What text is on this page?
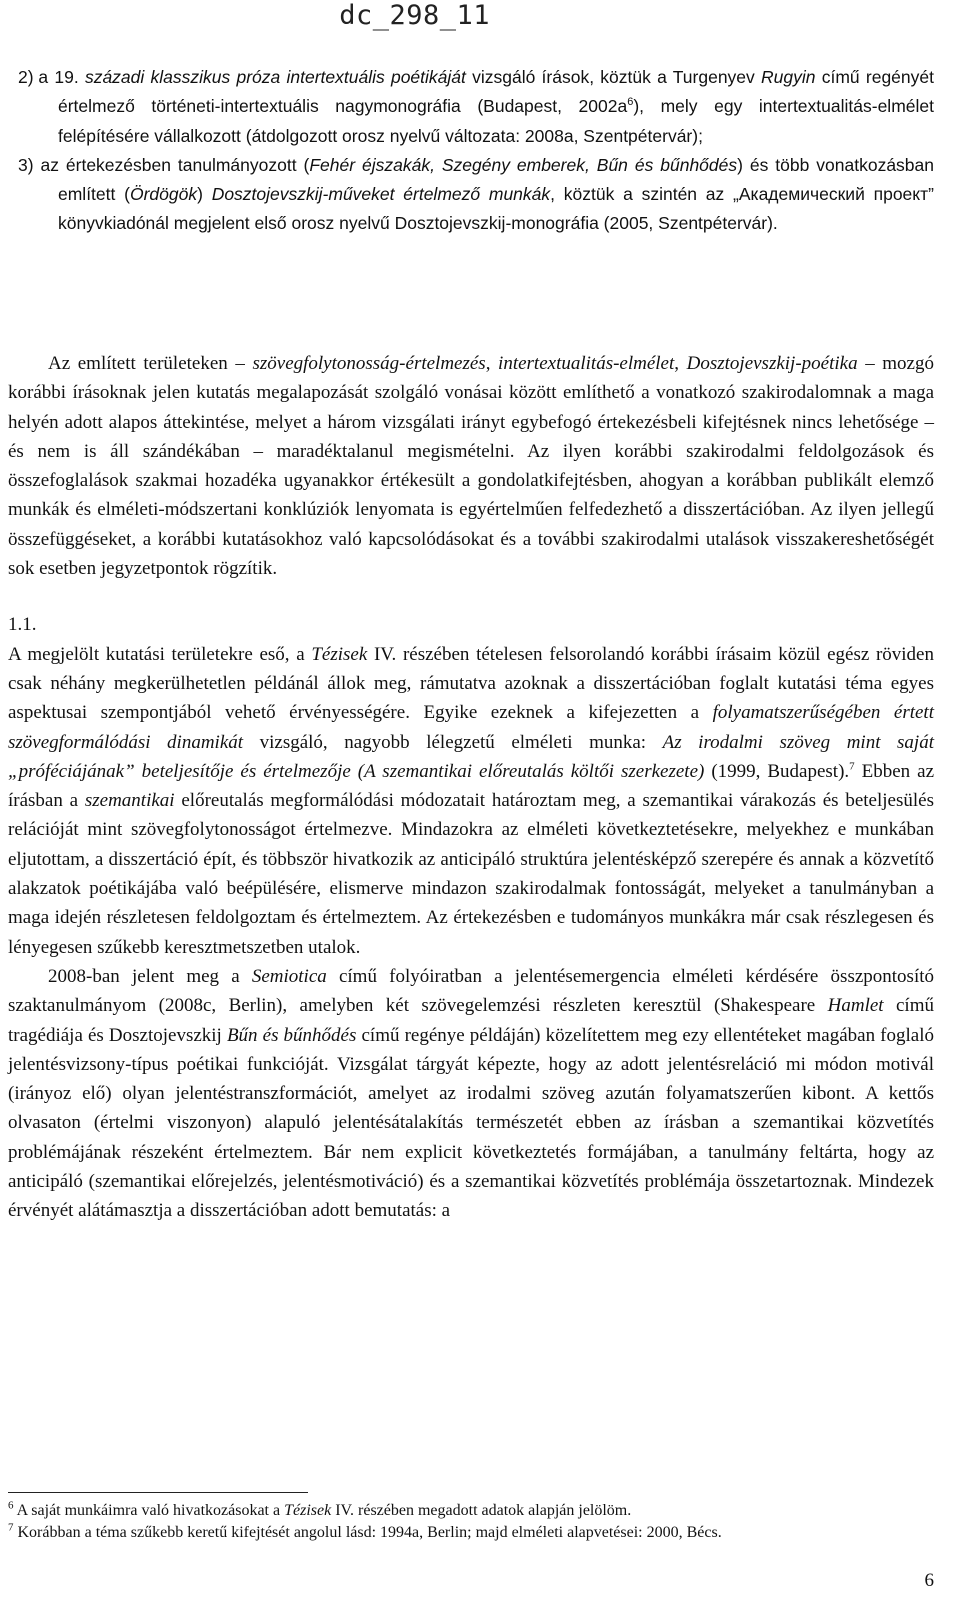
dc_298_11

2) a 19. századi klasszikus próza intertextuális poétikáját vizsgáló írások, köztük a Turgenyev Rugyin című regényét értelmező történeti-intertextuális nagymonográfia (Budapest, $2002a^6$), mely egy intertextualitás-elmélet felépítésére vállalkozott (átdolgozott orosz nyelvű változata: 2008a, Szentpétervár);

3) az értekezésben tanulmányozott (Fehér éjszakák, Szegény emberek, Bűn és bűnhődés) és több vonatkozásban említett (Ördögök) Dosztojevszkij-műveket értelmező munkák, köztük a szintén az „Академический проект” könyvkiadónál megjelent első orosz nyelvű Dosztojevszkij-monográfia (2005, Szentpétervár).

Az említett területeken – szövegfolytonosság-értelmezés, intertextualitás-elmélet, Dosztojevszkij-poétika – mozgó korábbi írásoknak jelen kutatás megalapozását szolgáló vonásai között említhető a vonatkozó szakirodalomnak a maga helyén adott alapos áttekintése, melyet a három vizsgálati irányt egybefogó értekezésbeli kifejtésnek nincs lehetősége – és nem is áll szándékában – maradéktalanul megismételni. Az ilyen korábbi szakirodalmi feldolgozások és összefoglalások szakmai hozadéka ugyanakkor értékesült a gondolatkifejtésben, ahogyan a korábban publikált elemző munkák és elméleti-módszertani konklúziók lenyomata is egyértelműen felfedezhető a disszertációban. Az ilyen jellegű összefüggéseket, a korábbi kutatásokhoz való kapcsolódásokat és a további szakirodalmi utalások visszakereshetőségét sok esetben jegyzetpontok rögzítik.

1.1.

A megjelölt kutatási területekre eső, a Tézisek IV. részében tételesen felsorolandó korábbi írásaim közül egész röviden csak néhány megkerülhetetlen példánál állok meg, rámutatva azoknak a disszertációban foglalt kutatási téma egyes aspektusai szempontjából vehető érvényességére. Egyike ezeknek a kifejezetten a folyamatszerűségében értett szövegformálódási dinamikát vizsgáló, nagyobb lélegzetű elméleti munka: Az irodalmi szöveg mint saját „próféciájának” beteljesítője és értelmezője (A szemantikai előreutalás költői szerkezete) (1999, Budapest).$^7$ Ebben az írásban a szemantikai előreutalás megformálódási módozatait határoztam meg, a szemantikai várakozás és beteljesülés relációját mint szövegfolytonosságot értelmezve. Mindazokra az elméleti következtetésekre, melyekhez e munkában eljutottam, a disszertáció épít, és többször hivatkozik az anticipáló struktúra jelentésképző szerepére és annak a közvetítő alakzatok poétikájába való beépülésére, elismerve mindazon szakirodalmak fontosságát, melyeket a tanulmányban a maga idején részletesen feldolgoztam és értelmeztem. Az értekezésben e tudományos munkákra már csak részlegesen és lényegesen szűkebb keresztmetszetben utalok.

2008-ban jelent meg a Semiotica című folyóiratban a jelentésemergencia elméleti kérdésére összpontosító szaktanulmányom (2008c, Berlin), amelyben két szövegelemzési részleten keresztül (Shakespeare Hamlet című tragédiája és Dosztojevszkij Bűn és bűnhődés című regénye példáján) közelítettem meg ezy ellentéteket magában foglaló jelentésvizsony-típus poétikai funkcióját. Vizsgálat tárgyát képezte, hogy az adott jelentésreláció mi módon motivál (irányoz elő) olyan jelentéstranszformációt, amelyet az irodalmi szöveg azután folyamatszerűen kibont. A kettős olvasaton (értelmi viszonyon) alapuló jelentésátalakítás természetét ebben az írásban a szemantikai közvetítés problémájának részeként értelmeztem. Bár nem explicit következtetés formájában, a tanulmány feltárta, hogy az anticipáló (szemantikai előrejelzés, jelentésmotiváció) és a szemantikai közvetítés problémája összetartoznak. Mindezek érvényét alátámasztja a disszertációban adott bemutatás: a

$^6$ A saját munkáimra való hivatkozásokat a Tézisek IV. részében megadott adatok alapján jelölöm.

$^7$ Korábban a téma szűkebb keretű kifejtését angolul lásd: 1994a, Berlin; majd elméleti alapvetései: 2000, Bécs.

6
